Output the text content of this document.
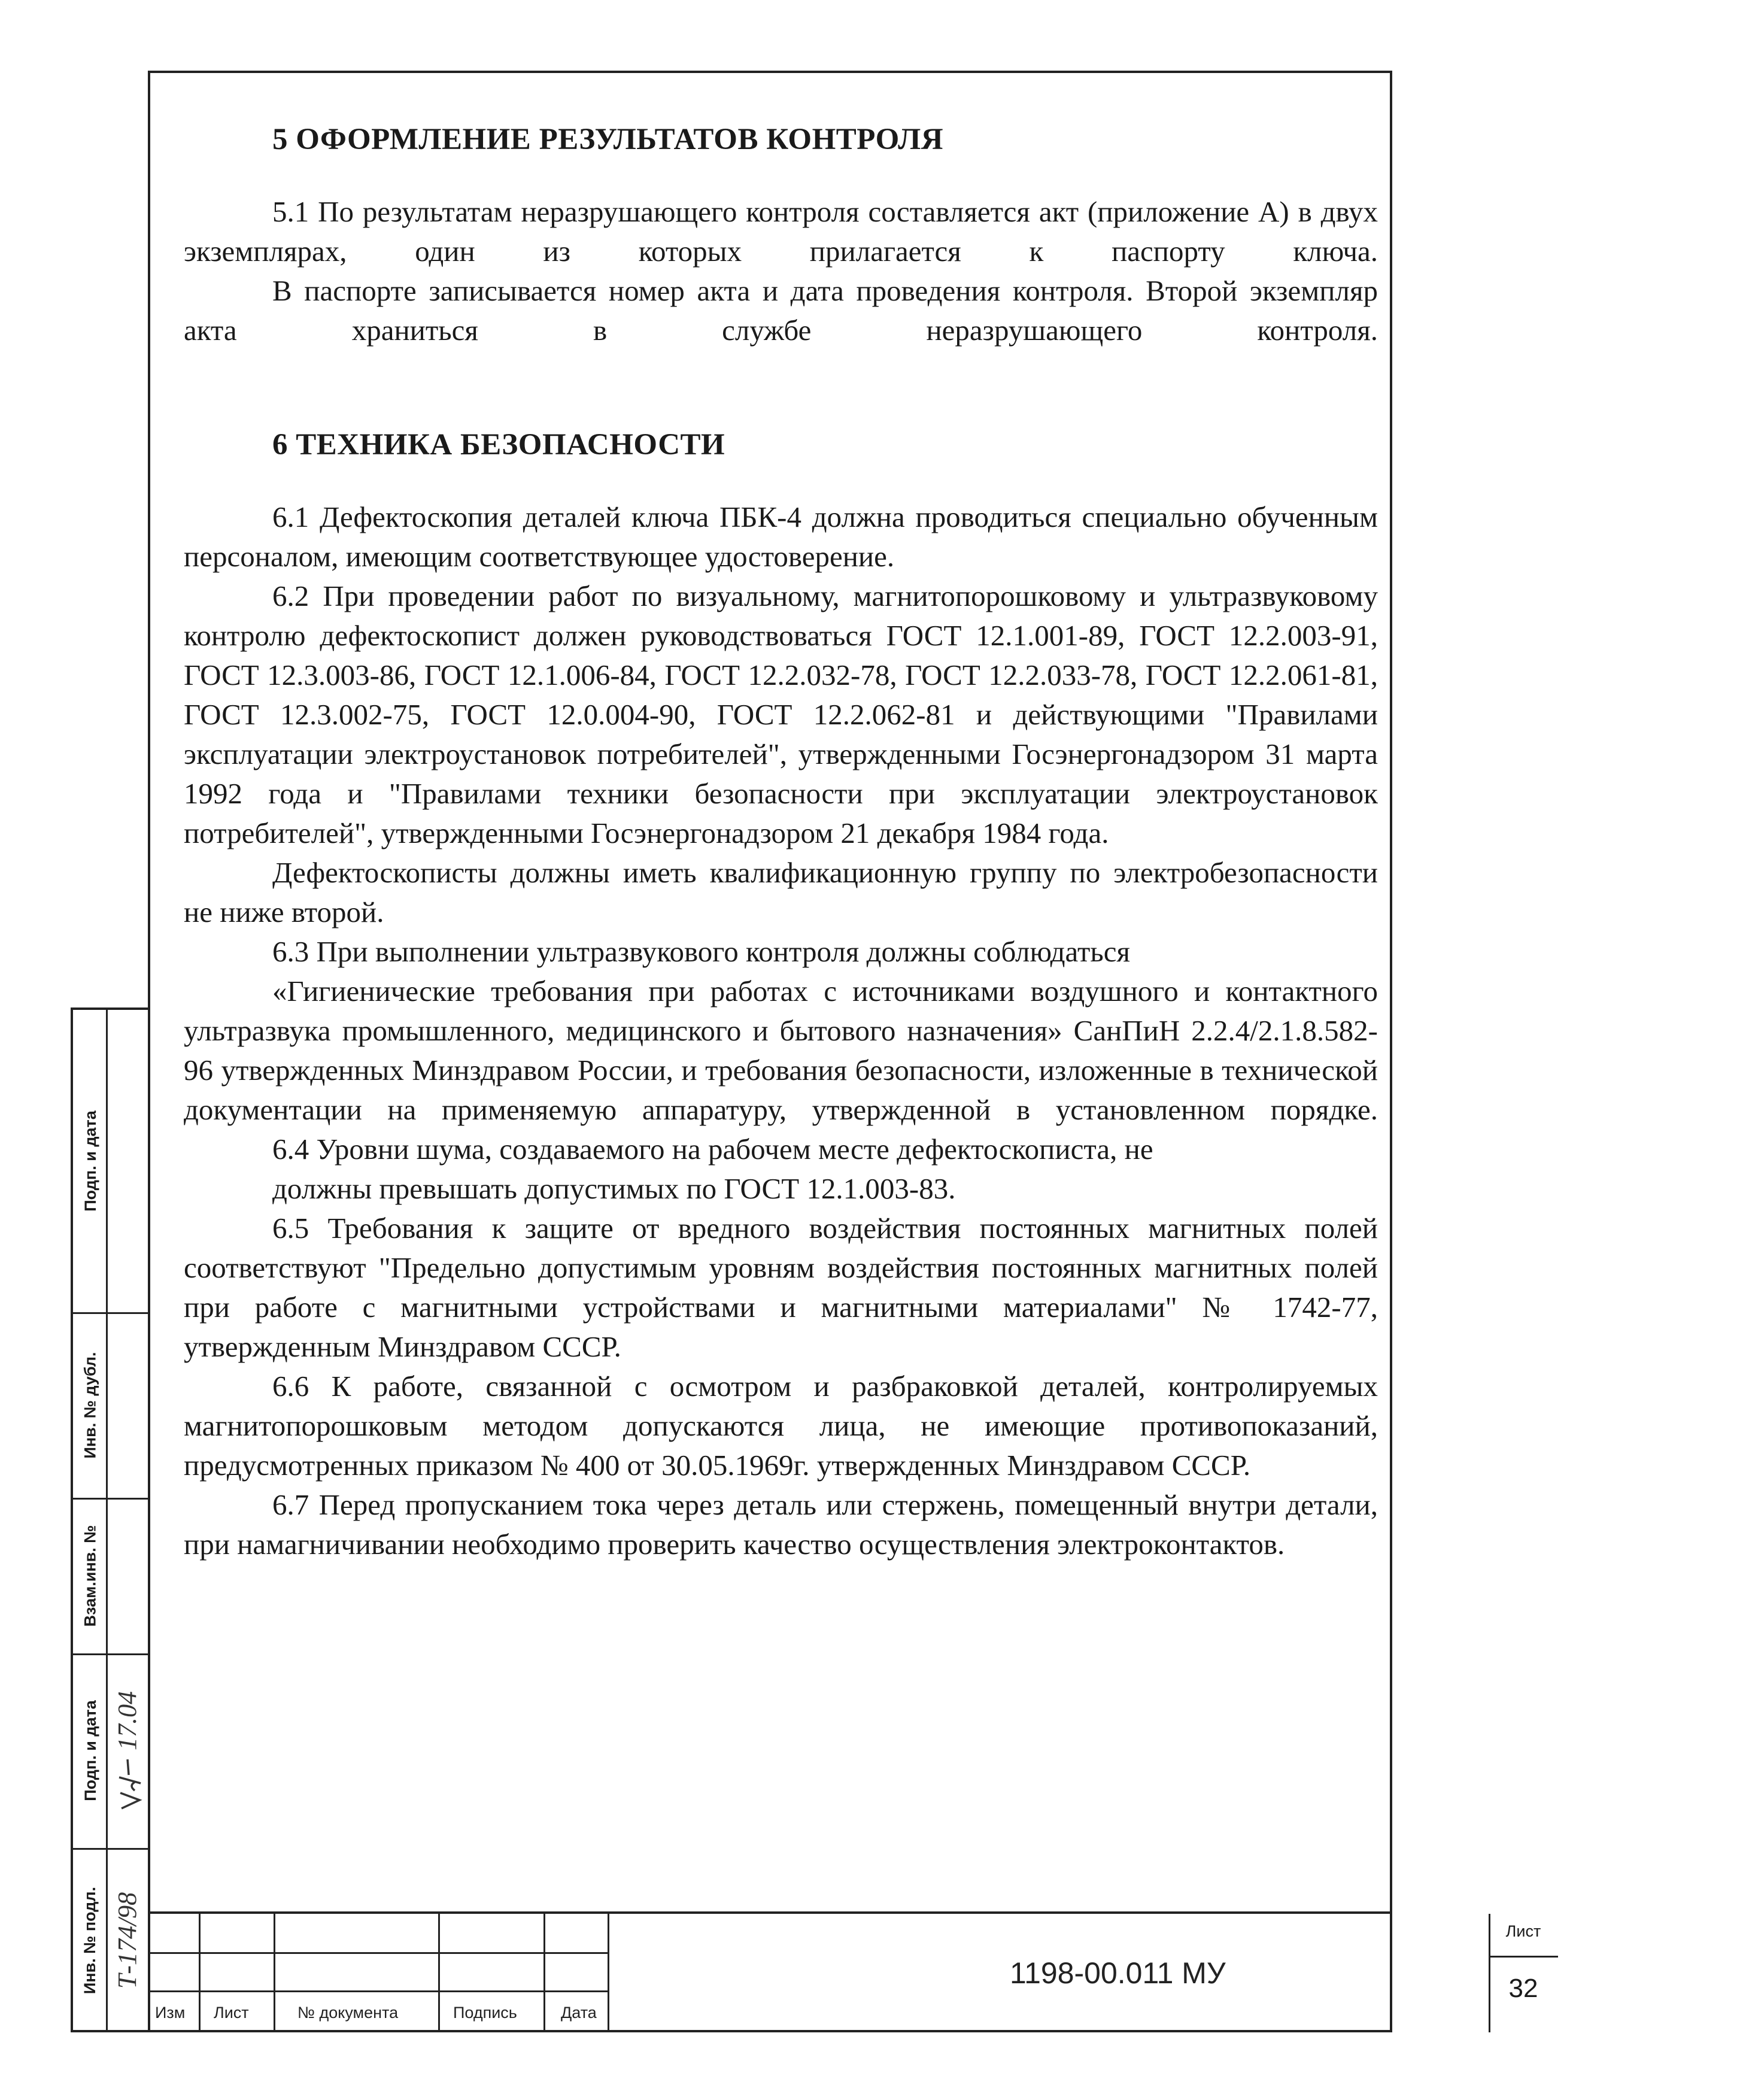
5 ОФОРМЛЕНИЕ РЕЗУЛЬТАТОВ КОНТРОЛЯ

5.1 По результатам неразрушающего контроля составляется акт (приложение А) в двух экземплярах, один из которых прилагается к паспорту ключа.

В паспорте записывается номер акта и дата проведения контроля. Второй экземпляр акта храниться в службе неразрушающего контроля.

6 ТЕХНИКА БЕЗОПАСНОСТИ

6.1 Дефектоскопия деталей ключа ПБК-4 должна проводиться специально обученным персоналом, имеющим соответствующее удостоверение.

6.2 При проведении работ по визуальному, магнитопорошковому и ультразвуковому контролю дефектоскопист должен руководствоваться ГОСТ 12.1.001-89, ГОСТ 12.2.003-91, ГОСТ 12.3.003-86, ГОСТ 12.1.006-84, ГОСТ 12.2.032-78, ГОСТ 12.2.033-78, ГОСТ 12.2.061-81, ГОСТ 12.3.002-75, ГОСТ 12.0.004-90, ГОСТ 12.2.062-81 и действующими "Правилами эксплуатации электроустановок потребителей", утвержденными Госэнергонадзором 31 марта 1992 года и "Правилами техники безопасности при эксплуатации электроустановок потребителей", утвержденными Госэнергонадзором 21 декабря 1984 года.

Дефектоскописты должны иметь квалификационную группу по электробезопасности не ниже второй.

6.3 При выполнении ультразвукового контроля должны соблюдаться

«Гигиенические требования при работах с источниками воздушного и контактного ультразвука промышленного, медицинского и бытового назначения» СанПиН 2.2.4/2.1.8.582-96 утвержденных Минздравом России, и требования безопасности, изложенные в технической документации на применяемую аппаратуру, утвержденной в установленном порядке.

6.4 Уровни шума, создаваемого на рабочем месте дефектоскописта, не

должны превышать допустимых по ГОСТ 12.1.003-83.

6.5 Требования к защите от вредного воздействия постоянных магнитных полей соответствуют "Предельно допустимым уровням воздействия постоянных магнитных полей при работе с магнитными устройствами и магнитными материалами" № 1742-77, утвержденным Минздравом СССР.

6.6 К работе, связанной с осмотром и разбраковкой деталей, контролируемых магнитопорошковым методом допускаются лица, не имеющие противопоказаний, предусмотренных приказом № 400 от 30.05.1969г. утвержденных Минздравом СССР.

6.7 Перед пропусканием тока через деталь или стержень, помещенный внутри детали, при намагничивании необходимо проверить качество осуществления электроконтактов.

Подп. и дата
Инв. № дубл.
Взам.инв. №
Подп. и дата
Инв. № подл.
17.04
Т-174/98
Изм Лист	№ документа	Подпись	Дата
1198-00.011 МУ
Лист
32
